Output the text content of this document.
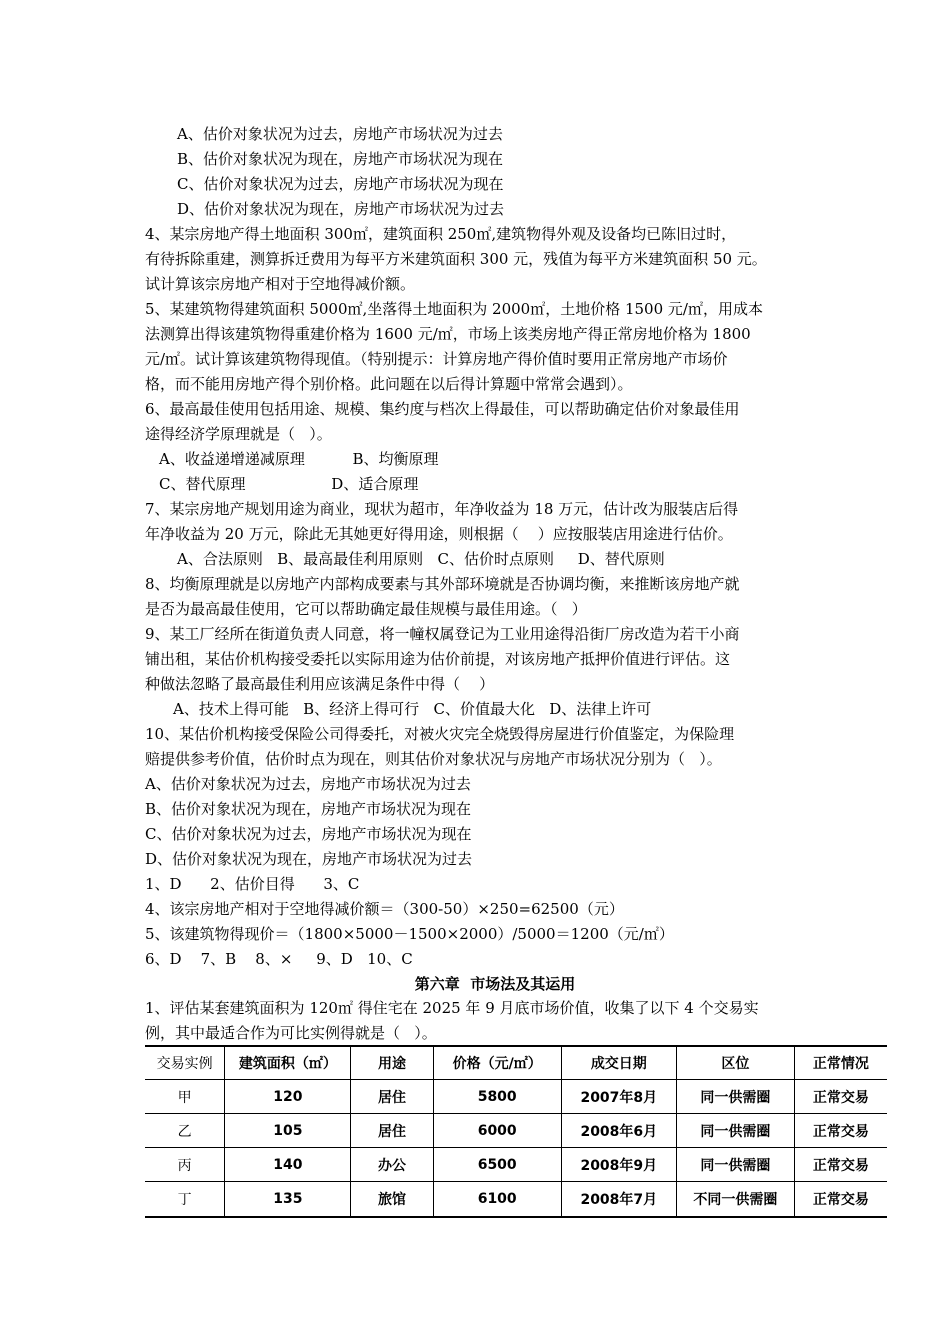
A、估价对象状况为过去，房地产市场状况为过去
B、估价对象状况为现在，房地产市场状况为现在
C、估价对象状况为过去，房地产市场状况为现在
D、估价对象状况为现在，房地产市场状况为过去
4、某宗房地产得土地面积 300㎡，建筑面积 250㎡,建筑物得外观及设备均已陈旧过时，
有待拆除重建，测算拆迁费用为每平方米建筑面积 300 元，残值为每平方米建筑面积 50 元。
试计算该宗房地产相对于空地得减价额。
5、某建筑物得建筑面积 5000㎡,坐落得土地面积为 2000㎡，土地价格 1500 元/㎡，用成本
法测算出得该建筑物得重建价格为 1600 元/㎡，市场上该类房地产得正常房地价格为 1800
元/㎡。试计算该建筑物得现值。（特别提示：计算房地产得价值时要用正常房地产市场价
格，而不能用房地产得个别价格。此问题在以后得计算题中常常会遇到）。
6、最高最佳使用包括用途、规模、集约度与档次上得最佳，可以帮助确定估价对象最佳用
途得经济学原理就是（   ）。
A、收益递增递减原理          B、均衡原理
C、替代原理                  D、适合原理
7、某宗房地产规划用途为商业，现状为超市，年净收益为 18 万元，估计改为服装店后得
年净收益为 20 万元，除此无其她更好得用途，则根据（    ）应按服装店用途进行估价。
A、合法原则   B、最高最佳利用原则   C、估价时点原则     D、替代原则
8、均衡原理就是以房地产内部构成要素与其外部环境就是否协调均衡，来推断该房地产就
是否为最高最佳使用，它可以帮助确定最佳规模与最佳用途。（   ）
9、某工厂经所在街道负责人同意，将一幢权属登记为工业用途得沿街厂房改造为若干小商
铺出租，某估价机构接受委托以实际用途为估价前提，对该房地产抵押价值进行评估。这
种做法忽略了最高最佳利用应该满足条件中得（    ）
A、技术上得可能   B、经济上得可行   C、价值最大化   D、法律上许可
10、某估价机构接受保险公司得委托，对被火灾完全烧毁得房屋进行价值鉴定，为保险理
赔提供参考价值，估价时点为现在，则其估价对象状况与房地产市场状况分别为（   ）。
A、估价对象状况为过去，房地产市场状况为过去
B、估价对象状况为现在，房地产市场状况为现在
C、估价对象状况为过去，房地产市场状况为现在
D、估价对象状况为现在，房地产市场状况为过去
1、D      2、估价目得      3、C
4、该宗房地产相对于空地得减价额＝（300-50）×250=62500（元）
5、该建筑物得现价＝（1800×5000－1500×2000）/5000＝1200（元/㎡）
6、D    7、B    8、×     9、D   10、C
第六章  市场法及其运用
1、评估某套建筑面积为 120㎡ 得住宅在 2025 年 9 月底市场价值，收集了以下 4 个交易实
例，其中最适合作为可比实例得就是（   ）。
交易实例	建筑面积（㎡）	用途	价格（元/㎡）	成交日期	区位	正常情况
甲	120	居住	5800	2007年8月	同一供需圈	正常交易
乙	105	居住	6000	2008年6月	同一供需圈	正常交易
丙	140	办公	6500	2008年9月	同一供需圈	正常交易
丁	135	旅馆	6100	2008年7月	不同一供需圈	正常交易
